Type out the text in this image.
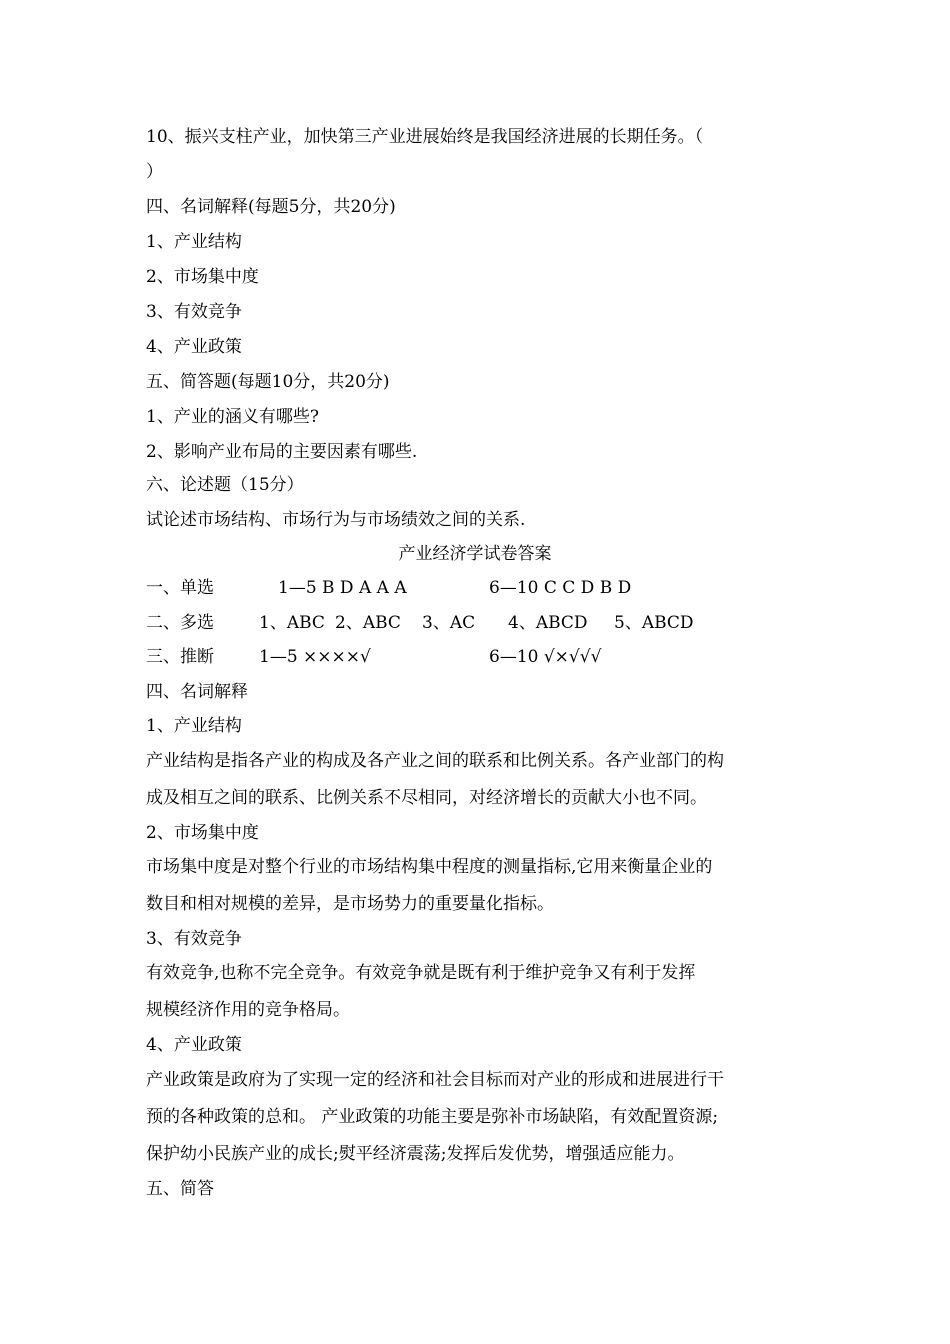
10、振兴支柱产业，加快第三产业进展始终是我国经济进展的长期任务。（
）
四、名词解释(每题5分，共20分)
1、产业结构
2、市场集中度
3、有效竞争
4、产业政策
五、简答题(每题10分，共20分)
1、产业的涵义有哪些?
2、影响产业布局的主要因素有哪些.
六、论述题（15分）
试论述市场结构、市场行为与市场绩效之间的关系.
产业经济学试卷答案
一、单选	1—5 B D A A A	6—10 C C D B D
二、多选	1、ABC 2、ABC 3、AC 4、ABCD 5、ABCD
三、推断	1—5 ××××√	6—10 √×√√√
四、名词解释
1、产业结构
产业结构是指各产业的构成及各产业之间的联系和比例关系。各产业部门的构
成及相互之间的联系、比例关系不尽相同，对经济增长的贡献大小也不同。
2、市场集中度
市场集中度是对整个行业的市场结构集中程度的测量指标,它用来衡量企业的
数目和相对规模的差异，是市场势力的重要量化指标。
3、有效竞争
有效竞争,也称不完全竞争。有效竞争就是既有利于维护竞争又有利于发挥
规模经济作用的竞争格局。
4、产业政策
产业政策是政府为了实现一定的经济和社会目标而对产业的形成和进展进行干
预的各种政策的总和。 产业政策的功能主要是弥补市场缺陷，有效配置资源;
保护幼小民族产业的成长;熨平经济震荡;发挥后发优势，增强适应能力。
五、简答
